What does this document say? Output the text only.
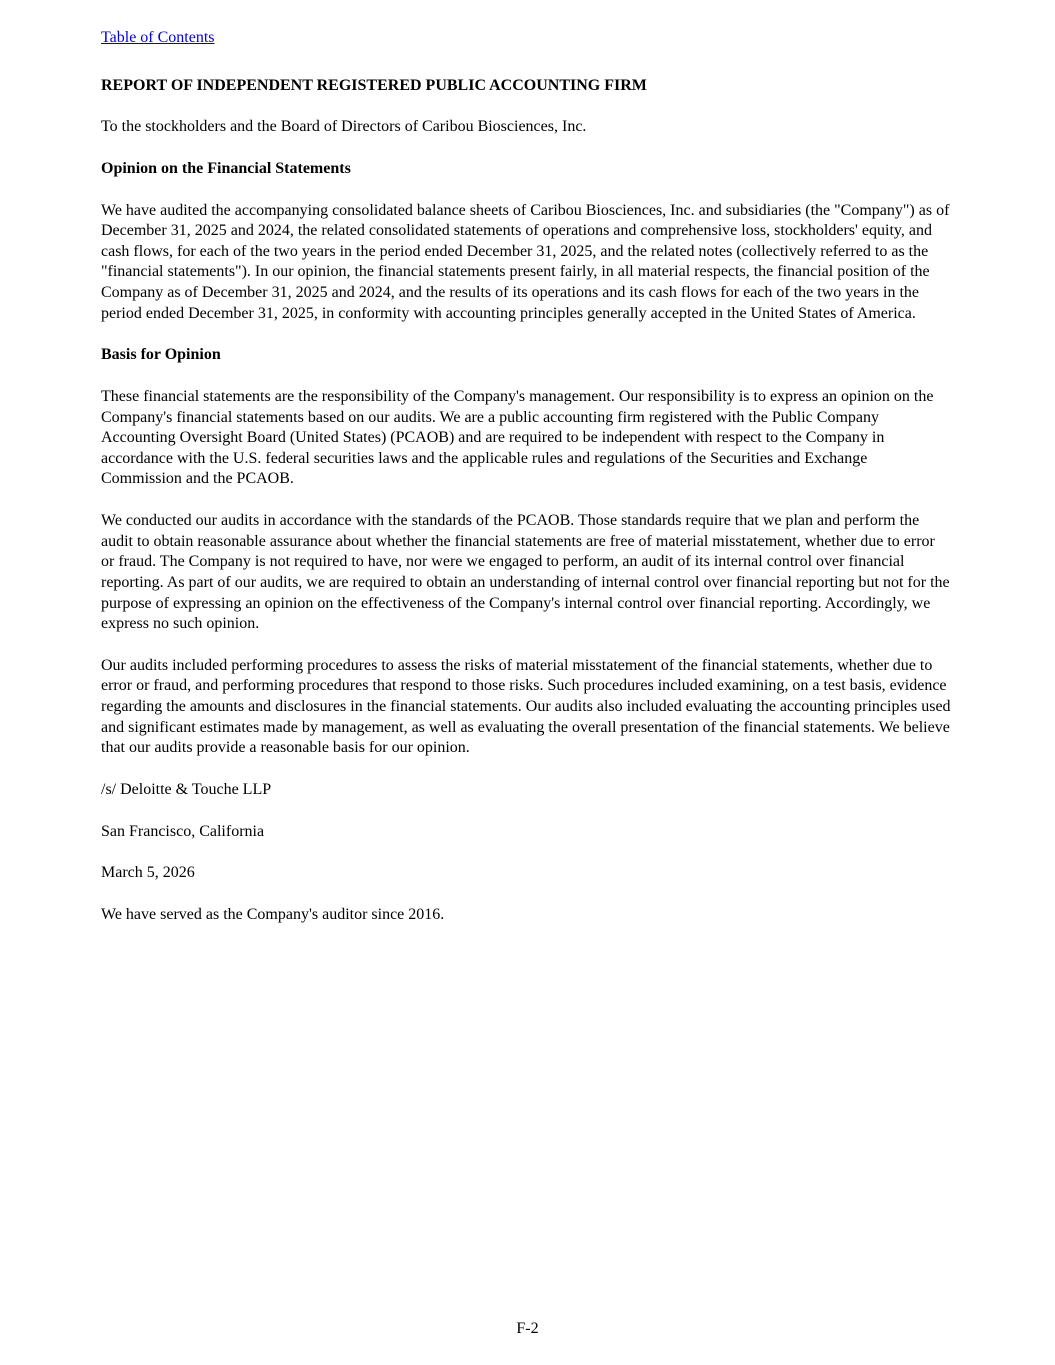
Table of Contents
REPORT OF INDEPENDENT REGISTERED PUBLIC ACCOUNTING FIRM
To the stockholders and the Board of Directors of Caribou Biosciences, Inc.
Opinion on the Financial Statements
We have audited the accompanying consolidated balance sheets of Caribou Biosciences, Inc. and subsidiaries (the "Company") as of December 31, 2025 and 2024, the related consolidated statements of operations and comprehensive loss, stockholders' equity, and cash flows, for each of the two years in the period ended December 31, 2025, and the related notes (collectively referred to as the "financial statements"). In our opinion, the financial statements present fairly, in all material respects, the financial position of the Company as of December 31, 2025 and 2024, and the results of its operations and its cash flows for each of the two years in the period ended December 31, 2025, in conformity with accounting principles generally accepted in the United States of America.
Basis for Opinion
These financial statements are the responsibility of the Company's management. Our responsibility is to express an opinion on the Company's financial statements based on our audits. We are a public accounting firm registered with the Public Company Accounting Oversight Board (United States) (PCAOB) and are required to be independent with respect to the Company in accordance with the U.S. federal securities laws and the applicable rules and regulations of the Securities and Exchange Commission and the PCAOB.
We conducted our audits in accordance with the standards of the PCAOB. Those standards require that we plan and perform the audit to obtain reasonable assurance about whether the financial statements are free of material misstatement, whether due to error or fraud. The Company is not required to have, nor were we engaged to perform, an audit of its internal control over financial reporting. As part of our audits, we are required to obtain an understanding of internal control over financial reporting but not for the purpose of expressing an opinion on the effectiveness of the Company's internal control over financial reporting. Accordingly, we express no such opinion.
Our audits included performing procedures to assess the risks of material misstatement of the financial statements, whether due to error or fraud, and performing procedures that respond to those risks. Such procedures included examining, on a test basis, evidence regarding the amounts and disclosures in the financial statements. Our audits also included evaluating the accounting principles used and significant estimates made by management, as well as evaluating the overall presentation of the financial statements. We believe that our audits provide a reasonable basis for our opinion.
/s/ Deloitte & Touche LLP
San Francisco, California
March 5, 2026
We have served as the Company's auditor since 2016.
F-2
